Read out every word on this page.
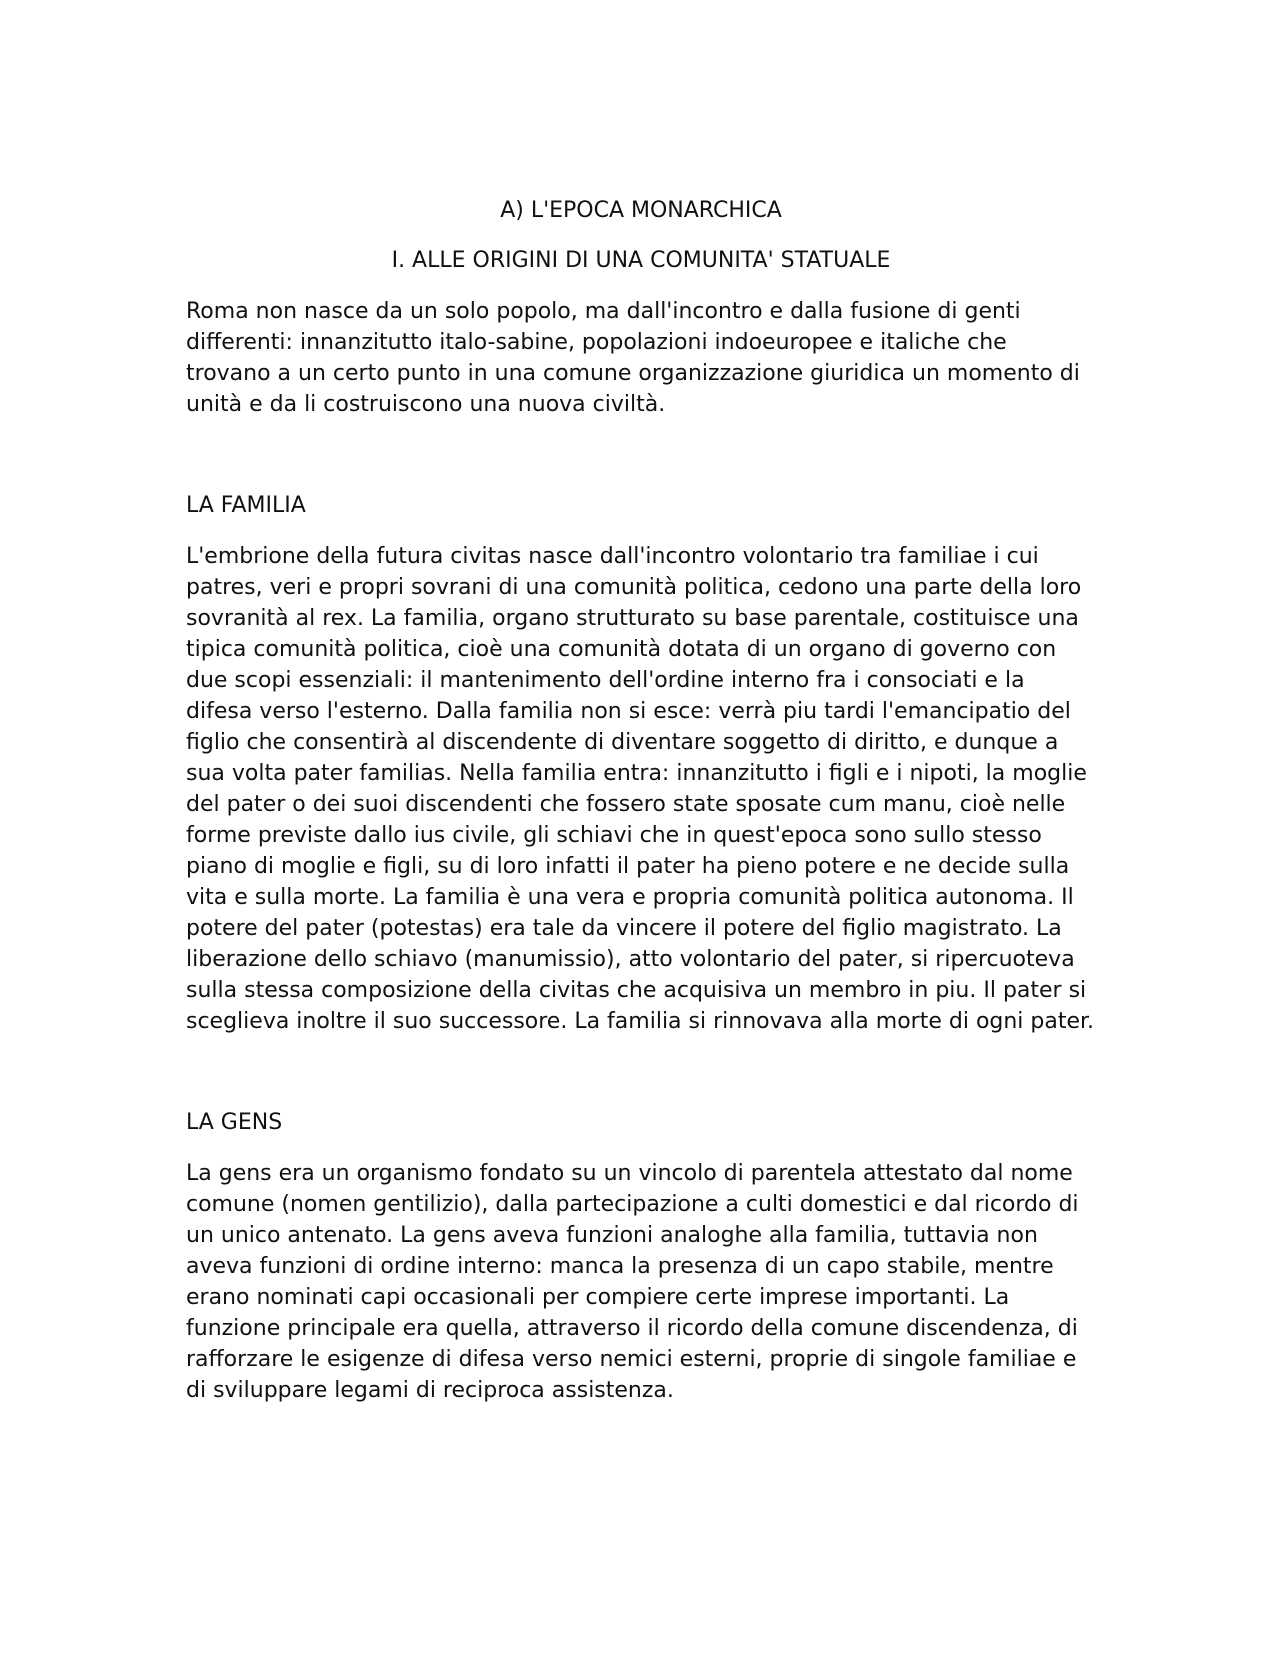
A) L'EPOCA MONARCHICA
I. ALLE ORIGINI DI UNA COMUNITA' STATUALE

Roma non nasce da un solo popolo, ma dall'incontro e dalla fusione di genti differenti: innanzitutto italo-sabine, popolazioni indoeuropee e italiche che trovano a un certo punto in una comune organizzazione giuridica un momento di unità e da li costruiscono una nuova civiltà.

LA FAMILIA

L'embrione della futura civitas nasce dall'incontro volontario tra familiae i cui patres, veri e propri sovrani di una comunità politica, cedono una parte della loro sovranità al rex. La familia, organo strutturato su base parentale, costituisce una tipica comunità politica, cioè una comunità dotata di un organo di governo con due scopi essenziali: il mantenimento dell'ordine interno fra i consociati e la difesa verso l'esterno. Dalla familia non si esce: verrà piu tardi l'emancipatio del figlio che consentirà al discendente di diventare soggetto di diritto, e dunque a sua volta pater familias. Nella familia entra: innanzitutto i figli e i nipoti, la moglie del pater o dei suoi discendenti che fossero state sposate cum manu, cioè nelle forme previste dallo ius civile, gli schiavi che in quest'epoca sono sullo stesso piano di moglie e figli, su di loro infatti il pater ha pieno potere e ne decide sulla vita e sulla morte. La familia è una vera e propria comunità politica autonoma. Il potere del pater (potestas) era tale da vincere il potere del figlio magistrato. La liberazione dello schiavo (manumissio), atto volontario del pater, si ripercuoteva sulla stessa composizione della civitas che acquisiva un membro in piu. Il pater si sceglieva inoltre il suo successore. La familia si rinnovava alla morte di ogni pater.

LA GENS

La gens era un organismo fondato su un vincolo di parentela attestato dal nome comune (nomen gentilizio), dalla partecipazione a culti domestici e dal ricordo di un unico antenato. La gens aveva funzioni analoghe alla familia, tuttavia non aveva funzioni di ordine interno: manca la presenza di un capo stabile, mentre erano nominati capi occasionali per compiere certe imprese importanti. La funzione principale era quella, attraverso il ricordo della comune discendenza, di rafforzare le esigenze di difesa verso nemici esterni, proprie di singole familiae e di sviluppare legami di reciproca assistenza.
